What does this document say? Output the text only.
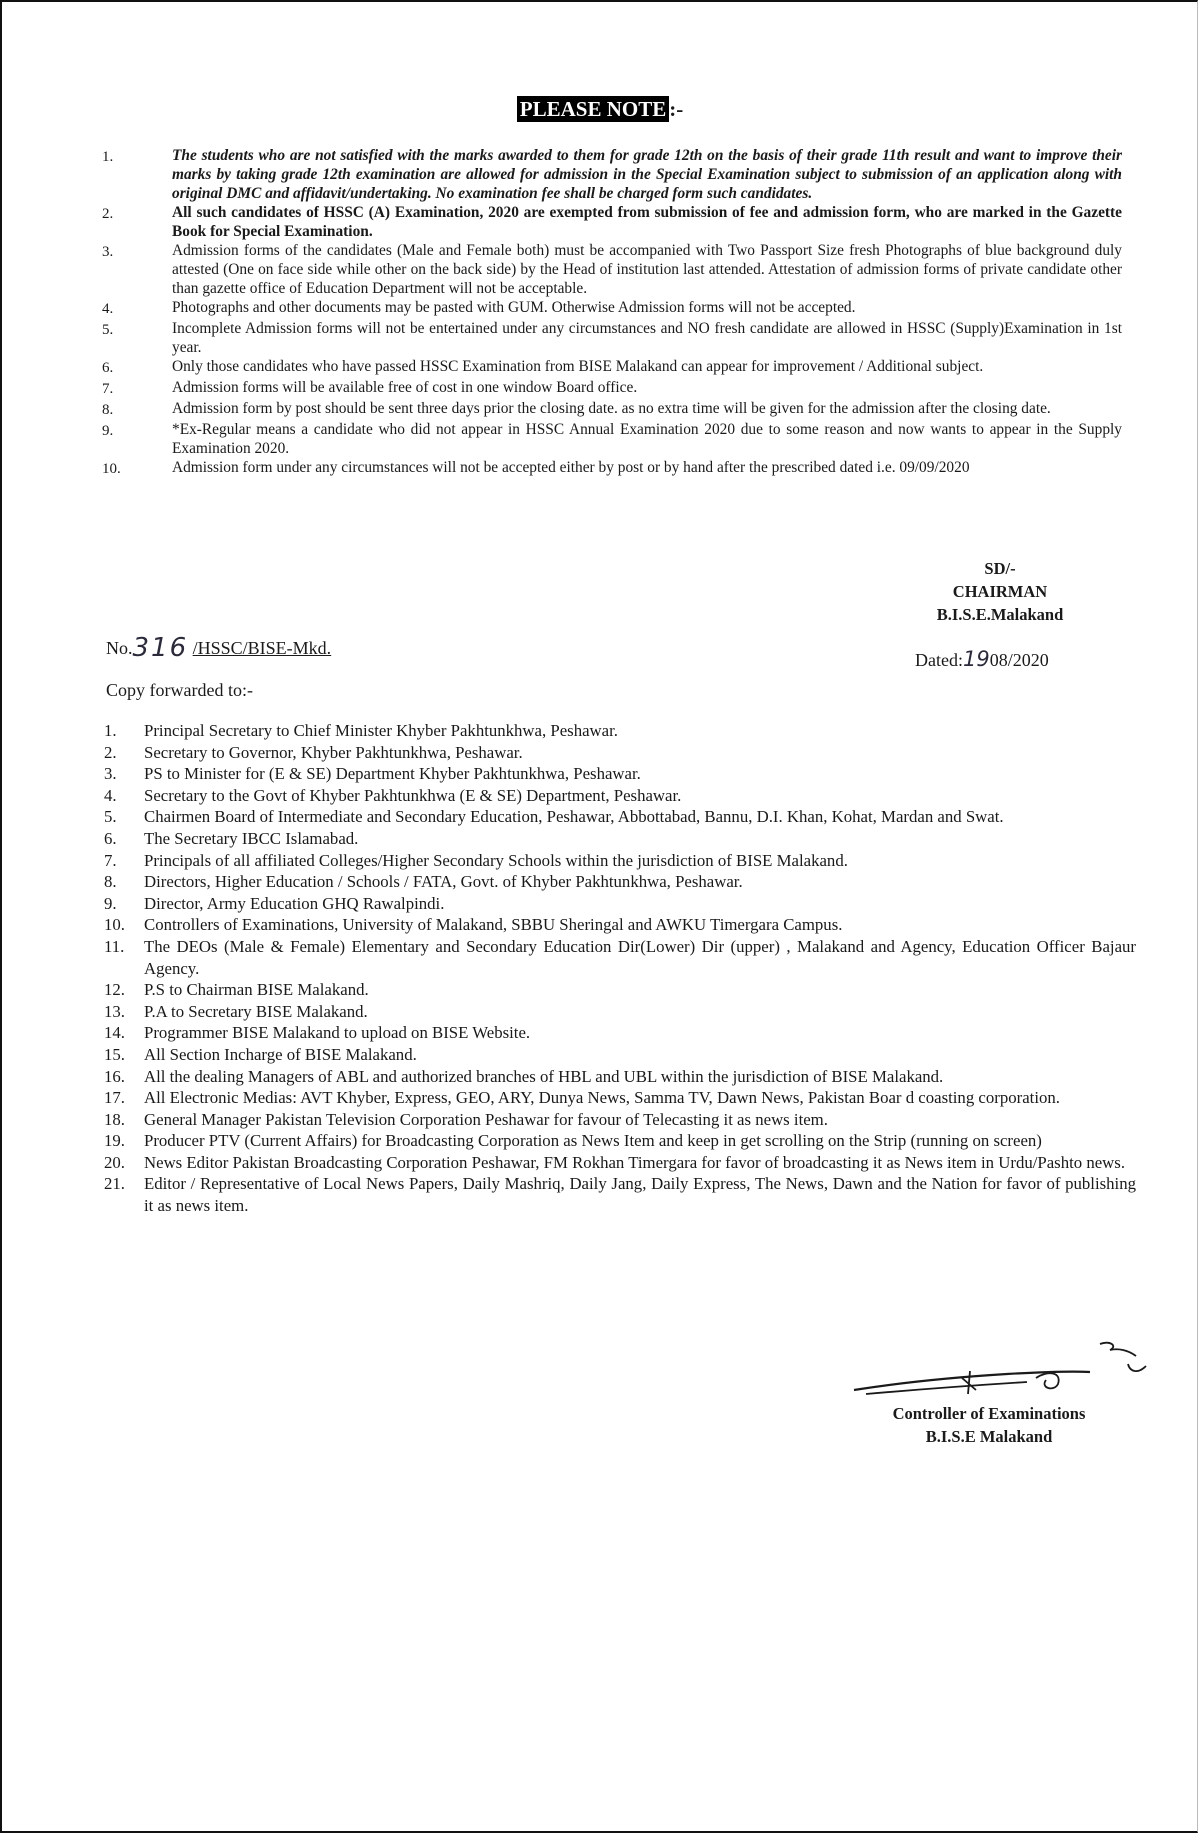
PLEASE NOTE :-
1.	The students who are not satisfied with the marks awarded to them for grade 12th on the basis of their grade 11th result and want to improve their marks by taking grade 12th examination are allowed for admission in the Special Examination subject to submission of an application along with original DMC and affidavit/undertaking. No examination fee shall be charged form such candidates.
2.	All such candidates of HSSC (A) Examination, 2020 are exempted from submission of fee and admission form, who are marked in the Gazette Book for Special Examination.
3.	Admission forms of the candidates (Male and Female both) must be accompanied with Two Passport Size fresh Photographs of blue background duly attested (One on face side while other on the back side) by the Head of institution last attended. Attestation of admission forms of private candidate other than gazette office of Education Department will not be acceptable.
4.	Photographs and other documents may be pasted with GUM. Otherwise Admission forms will not be accepted.
5.	Incomplete Admission forms will not be entertained under any circumstances and NO fresh candidate are allowed in HSSC (Supply)Examination in 1st year.
6.	Only those candidates who have passed HSSC Examination from BISE Malakand can appear for improvement / Additional subject.
7.	Admission forms will be available free of cost in one window Board office.
8.	Admission form by post should be sent three days prior the closing date. as no extra time will be given for the admission after the closing date.
9.	*Ex-Regular means a candidate who did not appear in HSSC Annual Examination 2020 due to some reason and now wants to appear in the Supply Examination 2020.
10.	Admission form under any circumstances will not be accepted either by post or by hand after the prescribed dated i.e. 09/09/2020
SD/-
CHAIRMAN
B.I.S.E.Malakand
No.316 /HSSC/BISE-Mkd.
Dated:1908/2020
Copy forwarded to:-
1.	Principal Secretary to Chief Minister Khyber Pakhtunkhwa, Peshawar.
2.	Secretary to Governor, Khyber Pakhtunkhwa, Peshawar.
3.	PS to Minister for (E & SE) Department Khyber Pakhtunkhwa, Peshawar.
4.	Secretary to the Govt of Khyber Pakhtunkhwa (E & SE) Department, Peshawar.
5.	Chairmen Board of Intermediate and Secondary Education, Peshawar, Abbottabad, Bannu, D.I. Khan, Kohat, Mardan and Swat.
6.	The Secretary IBCC Islamabad.
7.	Principals of all affiliated Colleges/Higher Secondary Schools within the jurisdiction of BISE Malakand.
8.	Directors, Higher Education / Schools / FATA, Govt. of Khyber Pakhtunkhwa, Peshawar.
9.	Director, Army Education GHQ Rawalpindi.
10.	Controllers of Examinations, University of Malakand, SBBU Sheringal and AWKU Timergara Campus.
11.	The DEOs (Male & Female) Elementary and Secondary Education Dir(Lower) Dir (upper) , Malakand and Agency, Education Officer Bajaur Agency.
12.	P.S to Chairman BISE Malakand.
13.	P.A to Secretary BISE Malakand.
14.	Programmer BISE Malakand to upload on BISE Website.
15.	All Section Incharge of BISE Malakand.
16.	All the dealing Managers of ABL and authorized branches of HBL and UBL within the jurisdiction of BISE Malakand.
17.	All Electronic Medias: AVT Khyber, Express, GEO, ARY, Dunya News, Samma TV, Dawn News, Pakistan Boar d coasting corporation.
18.	General Manager Pakistan Television Corporation Peshawar for favour of Telecasting it as news item.
19.	Producer PTV (Current Affairs) for Broadcasting Corporation as News Item and keep in get scrolling on the Strip (running on screen)
20.	News Editor Pakistan Broadcasting Corporation Peshawar, FM Rokhan Timergara for favor of broadcasting it as News item in Urdu/Pashto news.
21.	Editor / Representative of Local News Papers, Daily Mashriq, Daily Jang, Daily Express, The News, Dawn and the Nation for favor of publishing it as news item.
Controller of Examinations
B.I.S.E Malakand
